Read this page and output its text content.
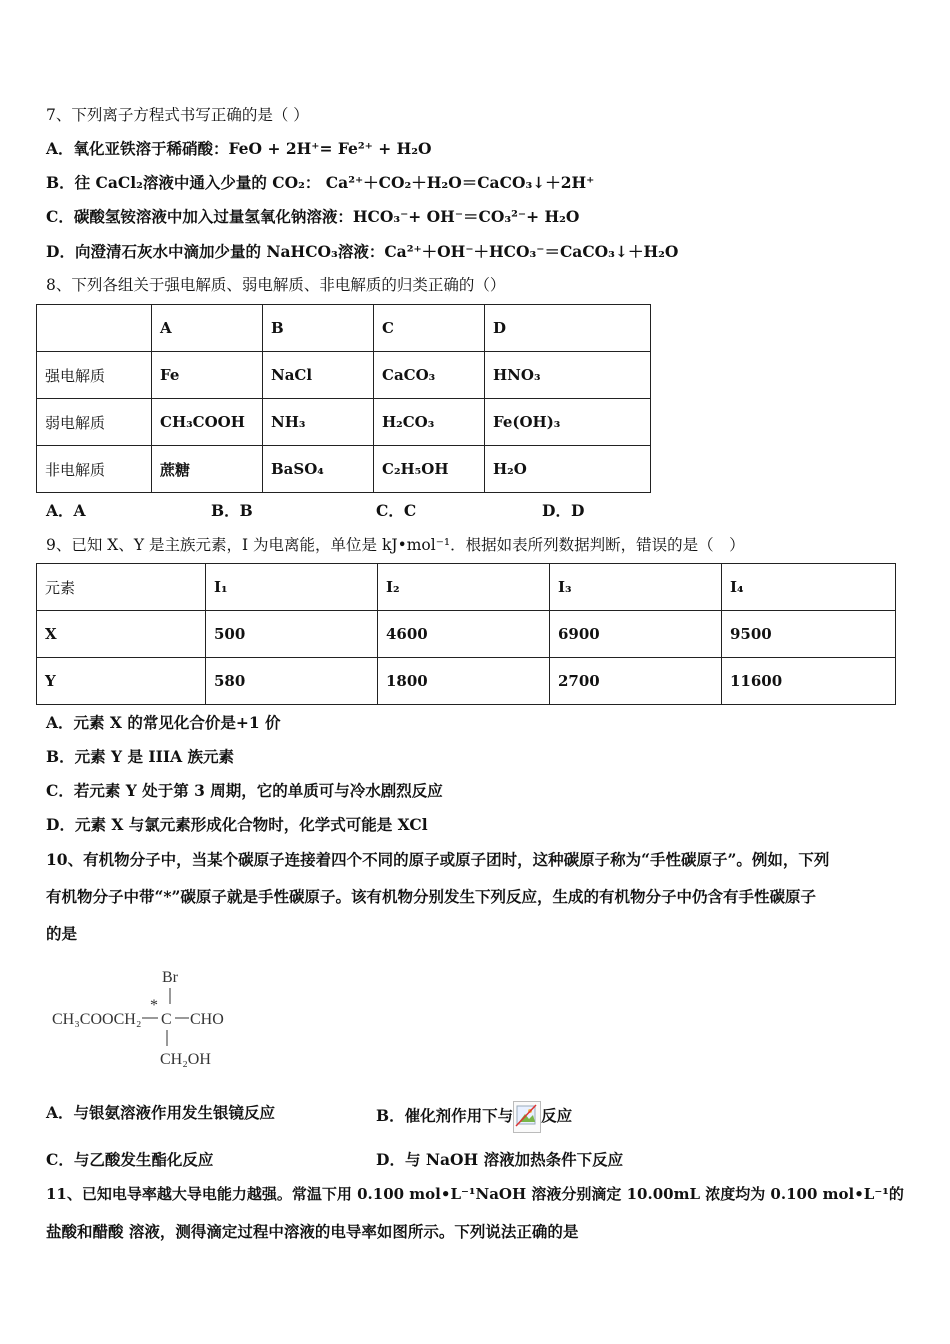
7、下列离子方程式书写正确的是（ ）
A．氧化亚铁溶于稀硝酸：FeO + 2H⁺= Fe²⁺ + H₂O
B．往 CaCl₂溶液中通入少量的 CO₂： Ca²⁺＋CO₂＋H₂O＝CaCO₃↓＋2H⁺
C．碳酸氢铵溶液中加入过量氢氧化钠溶液：HCO₃⁻+ OH⁻＝CO₃²⁻+ H₂O
D．向澄清石灰水中滴加少量的 NaHCO₃溶液：Ca²⁺＋OH⁻＋HCO₃⁻＝CaCO₃↓＋H₂O
8、下列各组关于强电解质、弱电解质、非电解质的归类正确的（）
	A	B	C	D
强电解质	Fe	NaCl	CaCO₃	HNO₃
弱电解质	CH₃COOH	NH₃	H₂CO₃	Fe(OH)₃
非电解质	蔗糖	BaSO₄	C₂H₅OH	H₂O
A．A	B．B	C．C	D．D
9、已知 X、Y 是主族元素，I 为电离能，单位是 kJ•mol⁻¹．根据如表所列数据判断，错误的是（　）
元素	I₁	I₂	I₃	I₄
X	500	4600	6900	9500
Y	580	1800	2700	11600
A．元素 X 的常见化合价是+1 价
B．元素 Y 是 IIIA 族元素
C．若元素 Y 处于第 3 周期，它的单质可与冷水剧烈反应
D．元素 X 与氯元素形成化合物时，化学式可能是 XCl
10、有机物分子中，当某个碳原子连接着四个不同的原子或原子团时，这种碳原子称为“手性碳原子”。例如，下列
有机物分子中带“*”碳原子就是手性碳原子。该有机物分别发生下列反应，生成的有机物分子中仍含有手性碳原子
的是
Br
CH₃COOCH₂
*
C CHO
CH₂OH
A．与银氨溶液作用发生银镜反应	B．催化剂作用下与 反应
C．与乙酸发生酯化反应	D．与 NaOH 溶液加热条件下反应
11、已知电导率越大导电能力越强。常温下用 0.100 mol•L⁻¹NaOH 溶液分别滴定 10.00mL 浓度均为 0.100 mol•L⁻¹的
盐酸和醋酸 溶液，测得滴定过程中溶液的电导率如图所示。下列说法正确的是
